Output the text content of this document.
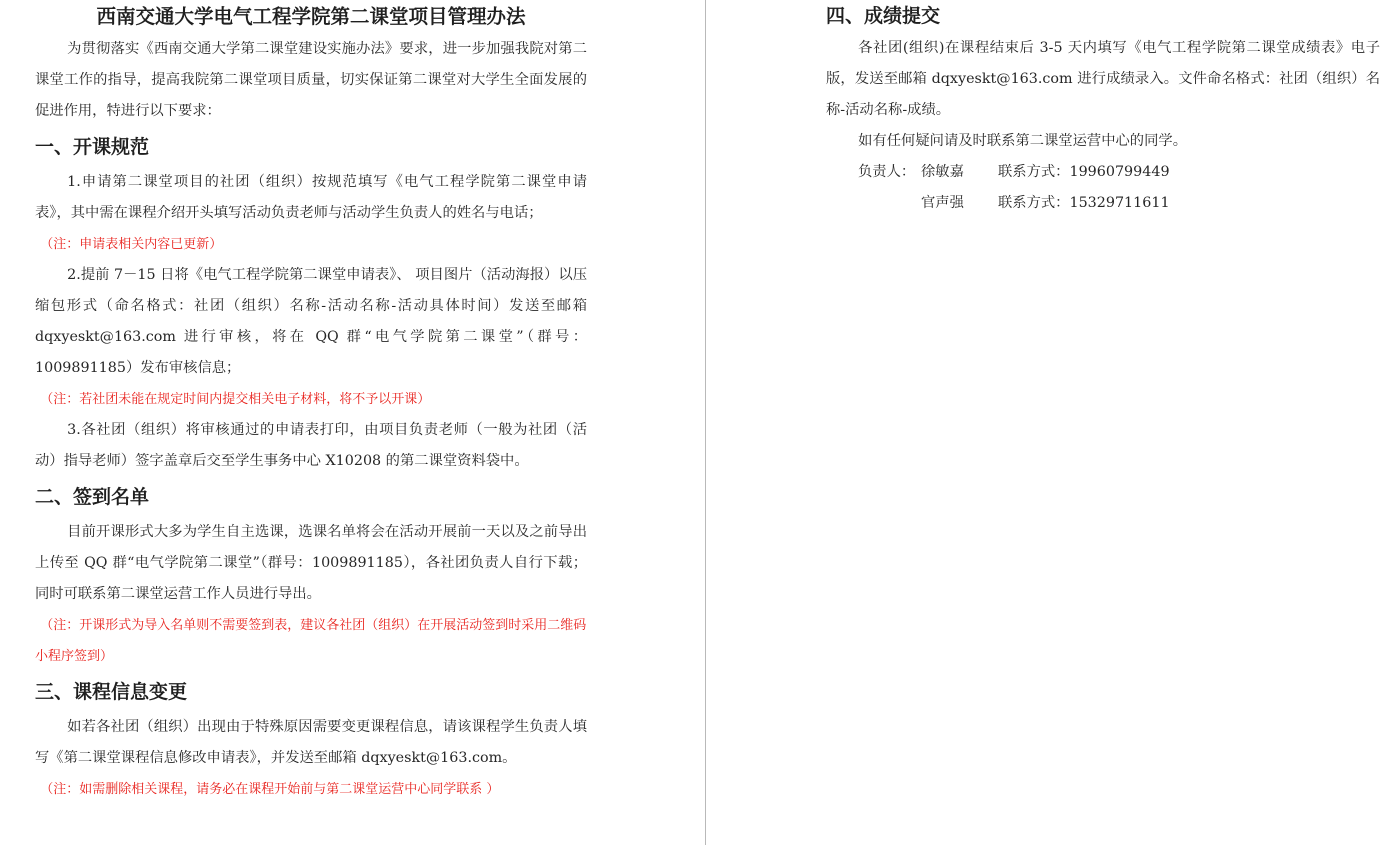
西南交通大学电气工程学院第二课堂项目管理办法

为贯彻落实《西南交通大学第二课堂建设实施办法》要求，进一步加强我院对第二课堂工作的指导，提高我院第二课堂项目质量，切实保证第二课堂对大学生全面发展的促进作用，特进行以下要求：

一、开课规范

1.申请第二课堂项目的社团（组织）按规范填写《电气工程学院第二课堂申请表》，其中需在课程介绍开头填写活动负责老师与活动学生负责人的姓名与电话；

（注：申请表相关内容已更新）

2.提前 7－15 日将《电气工程学院第二课堂申请表》、 项目图片（活动海报）以压缩包形式（命名格式：社团（组织）名称-活动名称-活动具体时间）发送至邮箱 dqxyeskt@163.com 进行审核，将在 QQ 群“电气学院第二课堂”（群号：1009891185）发布审核信息；

（注：若社团未能在规定时间内提交相关电子材料，将不予以开课）

3.各社团（组织）将审核通过的申请表打印，由项目负责老师（一般为社团（活动）指导老师）签字盖章后交至学生事务中心 X10208 的第二课堂资料袋中。

二、签到名单

目前开课形式大多为学生自主选课，选课名单将会在活动开展前一天以及之前导出上传至 QQ 群“电气学院第二课堂”（群号：1009891185），各社团负责人自行下载；同时可联系第二课堂运营工作人员进行导出。

（注：开课形式为导入名单则不需要签到表，建议各社团（组织）在开展活动签到时采用二维码小程序签到）

三、课程信息变更

如若各社团（组织）出现由于特殊原因需要变更课程信息，请该课程学生负责人填写《第二课堂课程信息修改申请表》，并发送至邮箱 dqxyeskt@163.com。

（注：如需删除相关课程，请务必在课程开始前与第二课堂运营中心同学联系 ）

四、成绩提交

各社团(组织)在课程结束后 3-5 天内填写《电气工程学院第二课堂成绩表》电子版，发送至邮箱 dqxyeskt@163.com 进行成绩录入。文件命名格式：社团（组织）名称-活动名称-成绩。

如有任何疑问请及时联系第二课堂运营中心的同学。

负责人： 徐敏嘉 联系方式：19960799449

官声强 联系方式：15329711611
